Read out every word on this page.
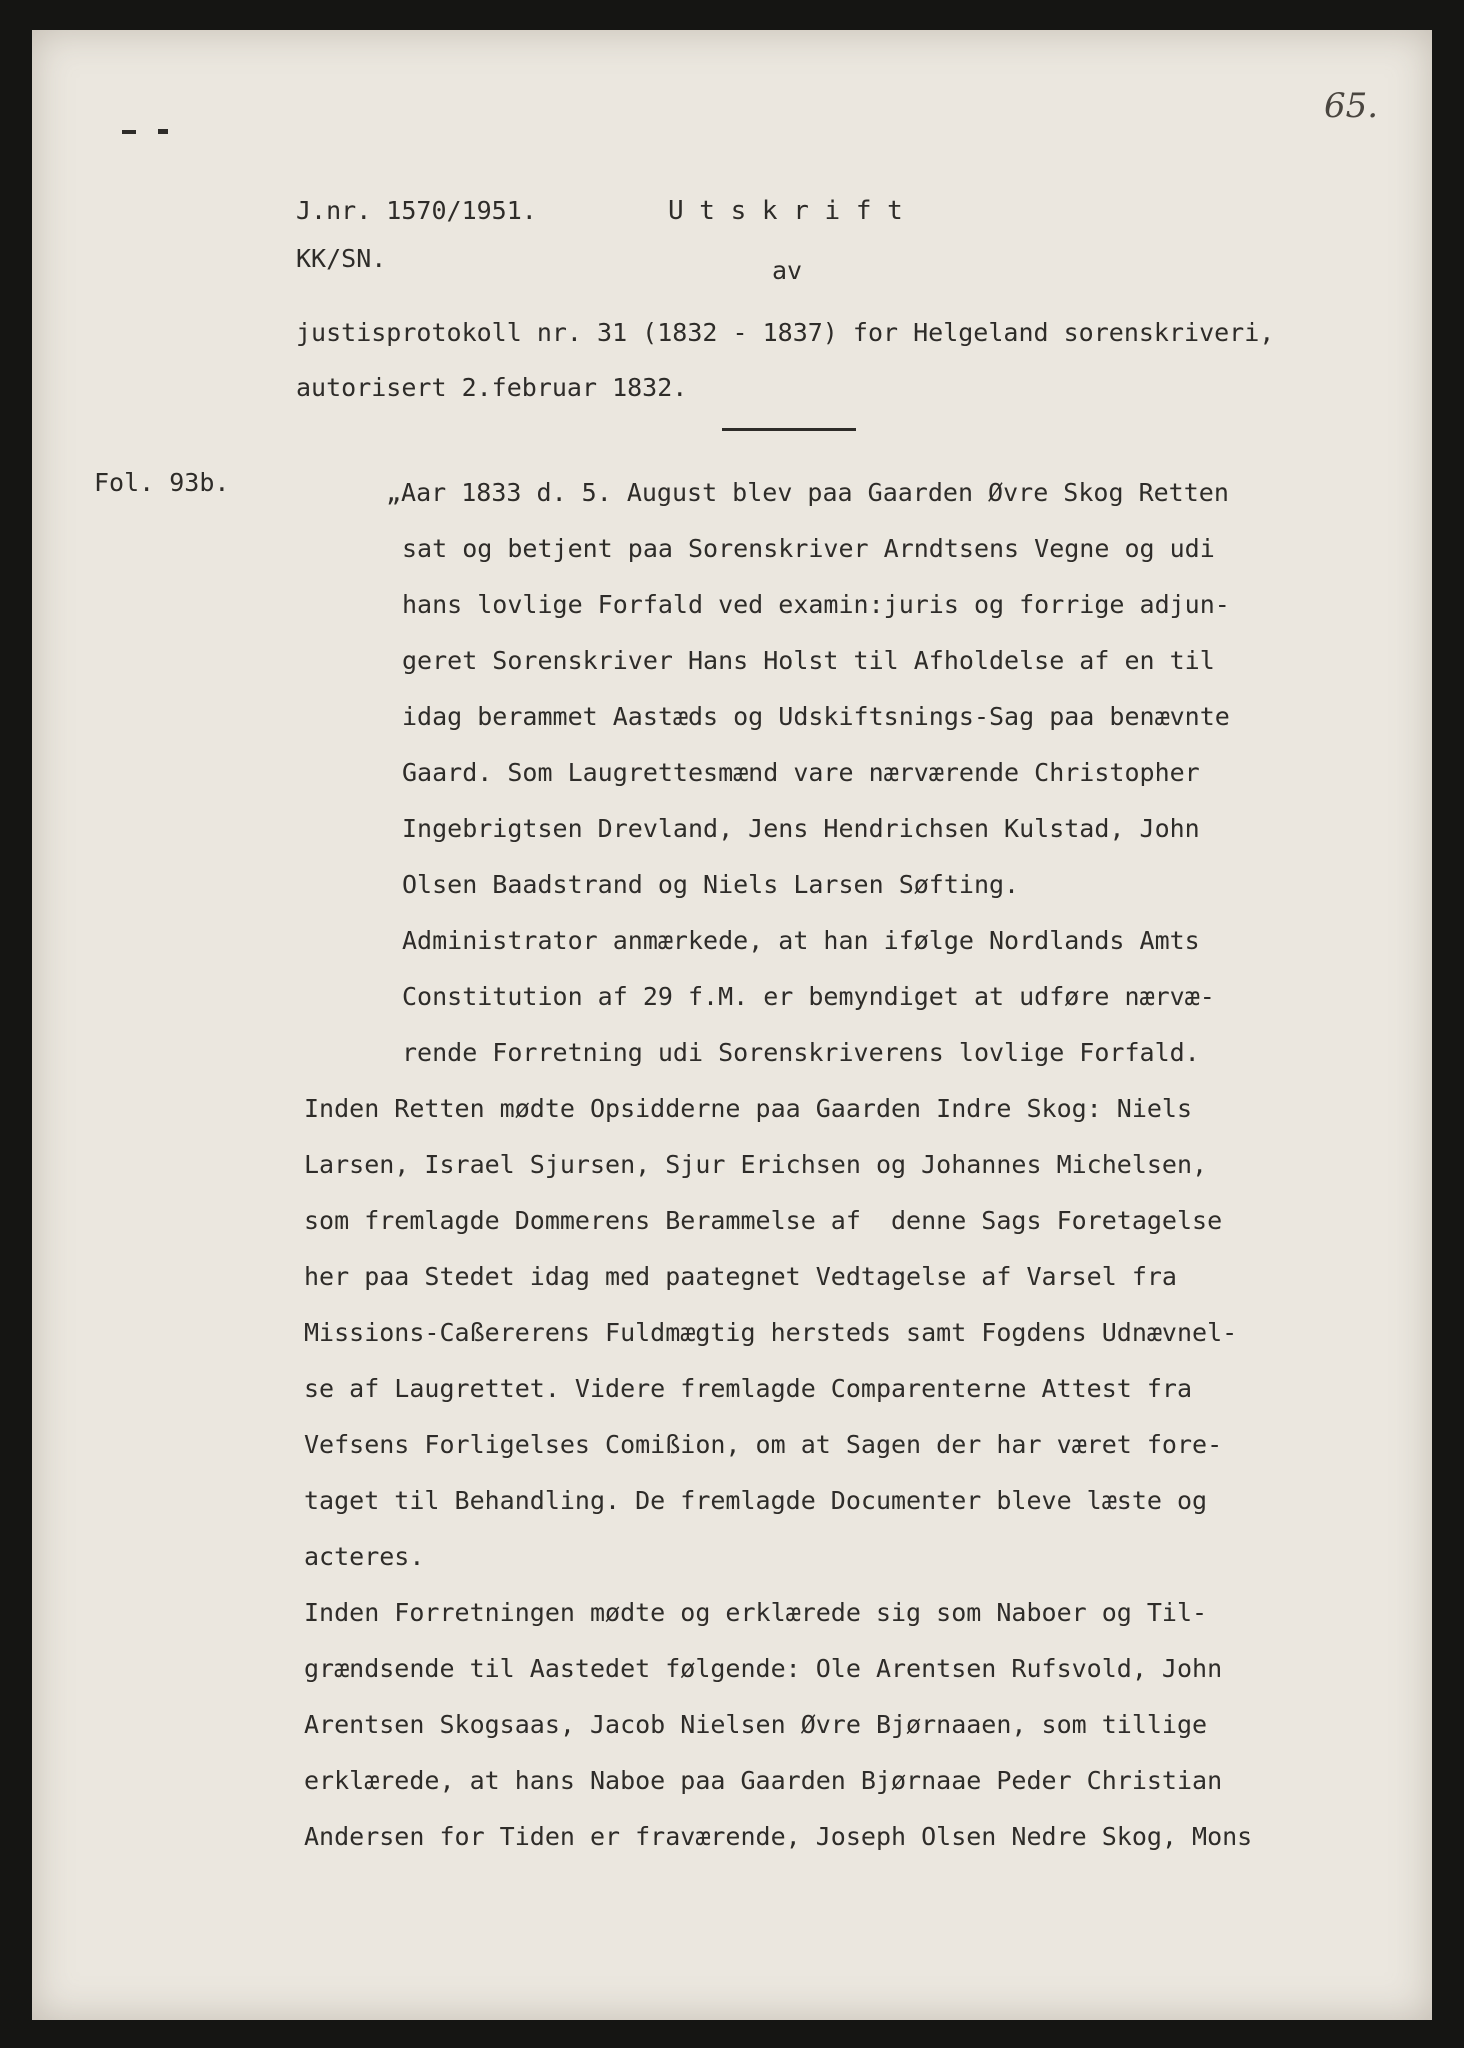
65.
J.nr. 1570/1951.	U t s k r i f t
KK/SN.	av
justisprotokoll nr. 31 (1832 - 1837) for Helgeland sorenskriveri,
autorisert 2.februar 1832.
Fol. 93b.

	„Aar 1833 d. 5. August blev paa Gaarden Øvre Skog Retten

sat og betjent paa Sorenskriver Arndtsens Vegne og udi

hans lovlige Forfald ved examin:juris og forrige adjun-

geret Sorenskriver Hans Holst til Afholdelse af en til

idag berammet Aastæds og Udskiftsnings-Sag paa benævnte

Gaard. Som Laugrettesmænd vare nærværende Christopher

Ingebrigtsen Drevland, Jens Hendrichsen Kulstad, John

Olsen Baadstrand og Niels Larsen Søfting.

Administrator anmærkede, at han ifølge Nordlands Amts

Constitution af 29 f.M. er bemyndiget at udføre nærvæ-

rende Forretning udi Sorenskriverens lovlige Forfald.

Inden Retten mødte Opsidderne paa Gaarden Indre Skog: Niels

Larsen, Israel Sjursen, Sjur Erichsen og Johannes Michelsen,

som fremlagde Dommerens Berammelse af  denne Sags Foretagelse

her paa Stedet idag med paategnet Vedtagelse af Varsel fra

Missions-Caßererens Fuldmægtig hersteds samt Fogdens Udnævnel-

se af Laugrettet. Videre fremlagde Comparenterne Attest fra

Vefsens Forligelses Comißion, om at Sagen der har været fore-

taget til Behandling. De fremlagde Documenter bleve læste og

acteres.

Inden Forretningen mødte og erklærede sig som Naboer og Til-

grændsende til Aastedet følgende: Ole Arentsen Rufsvold, John

Arentsen Skogsaas, Jacob Nielsen Øvre Bjørnaaen, som tillige

erklærede, at hans Naboe paa Gaarden Bjørnaae Peder Christian

Andersen for Tiden er fraværende, Joseph Olsen Nedre Skog, Mons
